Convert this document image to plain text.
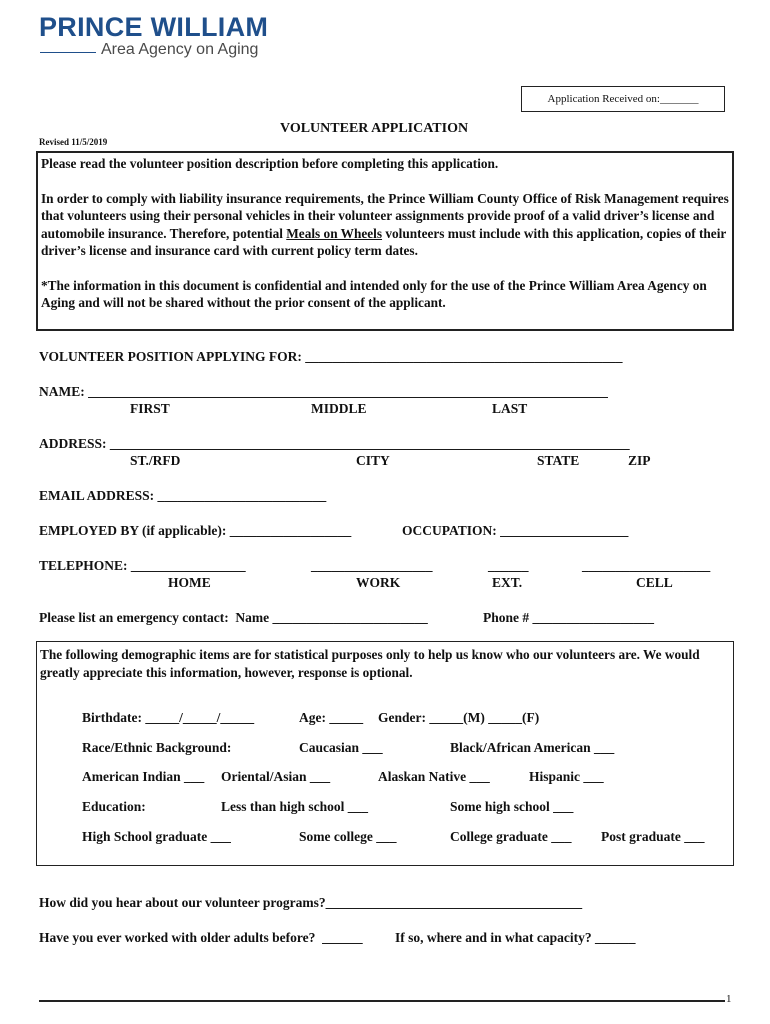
PRINCE WILLIAM
Area Agency on Aging
Application Received on:_______
VOLUNTEER APPLICATION
Revised 11/5/2019

Please read the volunteer position description before completing this application.

In order to comply with liability insurance requirements, the Prince William County Office of Risk Management requires that volunteers using their personal vehicles in their volunteer assignments provide proof of a valid driver’s license and automobile insurance. Therefore, potential Meals on Wheels volunteers must include with this application, copies of their driver’s license and insurance card with current policy term dates.

*The information in this document is confidential and intended only for the use of the Prince William Area Agency on Aging and will not be shared without the prior consent of the applicant.

VOLUNTEER POSITION APPLYING FOR: _______________________________________________
NAME: _____________________________________________________________________________
FIRST	MIDDLE	LAST
ADDRESS: _____________________________________________________________________________
ST./RFD	CITY	STATE	ZIP
EMAIL ADDRESS: _________________________
EMPLOYED BY (if applicable): __________________	OCCUPATION: ___________________
TELEPHONE: _________________	__________________	______	___________________
HOME	WORK	EXT.	CELL
Please list an emergency contact:  Name _______________________	Phone # __________________

The following demographic items are for statistical purposes only to help us know who our volunteers are. We would greatly appreciate this information, however, response is optional.

Birthdate: _____/_____/_____	Age: _____ Gender: _____(M) _____(F)
Race/Ethnic Background:	Caucasian ___	Black/African American ___
American Indian ___ Oriental/Asian ___	Alaskan Native ___	Hispanic ___
Education:	Less than high school ___	Some high school ___
High School graduate ___	Some college ___	College graduate ___ Post graduate ___
How did you hear about our volunteer programs?______________________________________
Have you ever worked with older adults before?  ______ If so, where and in what capacity? ______
1
